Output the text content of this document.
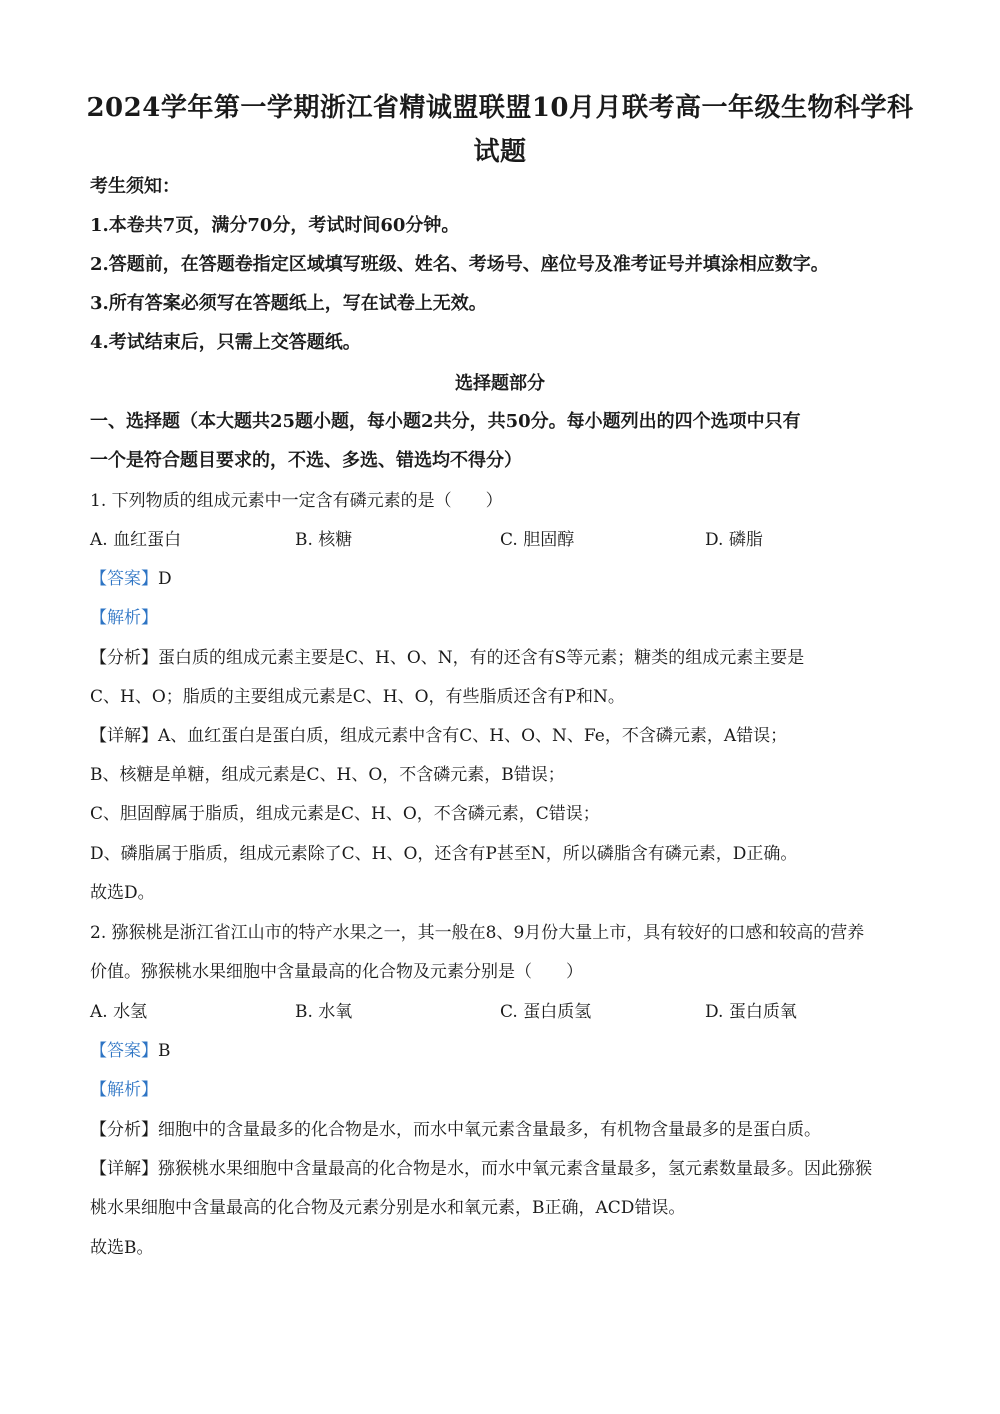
2024学年第一学期浙江省精诚盟联盟10月月联考高一年级生物科学科试题
考生须知：
1.本卷共7页，满分70分，考试时间60分钟。
2.答题前，在答题卷指定区域填写班级、姓名、考场号、座位号及准考证号并填涂相应数字。
3.所有答案必须写在答题纸上，写在试卷上无效。
4.考试结束后，只需上交答题纸。
选择题部分
一、选择题（本大题共25题小题，每小题2共分，共50分。每小题列出的四个选项中只有
一个是符合题目要求的，不选、多选、错选均不得分）
1. 下列物质的组成元素中一定含有磷元素的是（　　）
A. 血红蛋白	B. 核糖	C. 胆固醇	D. 磷脂
【答案】D
【解析】
【分析】蛋白质的组成元素主要是C、H、O、N，有的还含有S等元素；糖类的组成元素主要是
C、H、O；脂质的主要组成元素是C、H、O，有些脂质还含有P和N。
【详解】A、血红蛋白是蛋白质，组成元素中含有C、H、O、N、Fe，不含磷元素，A错误；
B、核糖是单糖，组成元素是C、H、O，不含磷元素，B错误；
C、胆固醇属于脂质，组成元素是C、H、O，不含磷元素，C错误；
D、磷脂属于脂质，组成元素除了C、H、O，还含有P甚至N，所以磷脂含有磷元素，D正确。
故选D。
2. 猕猴桃是浙江省江山市的特产水果之一，其一般在8、9月份大量上市，具有较好的口感和较高的营养
价值。猕猴桃水果细胞中含量最高的化合物及元素分别是（　　）
A. 水氢	B. 水氧	C. 蛋白质氢	D. 蛋白质氧
【答案】B
【解析】
【分析】细胞中的含量最多的化合物是水，而水中氧元素含量最多，有机物含量最多的是蛋白质。
【详解】猕猴桃水果细胞中含量最高的化合物是水，而水中氧元素含量最多，氢元素数量最多。因此猕猴
桃水果细胞中含量最高的化合物及元素分别是水和氧元素，B正确，ACD错误。
故选B。
